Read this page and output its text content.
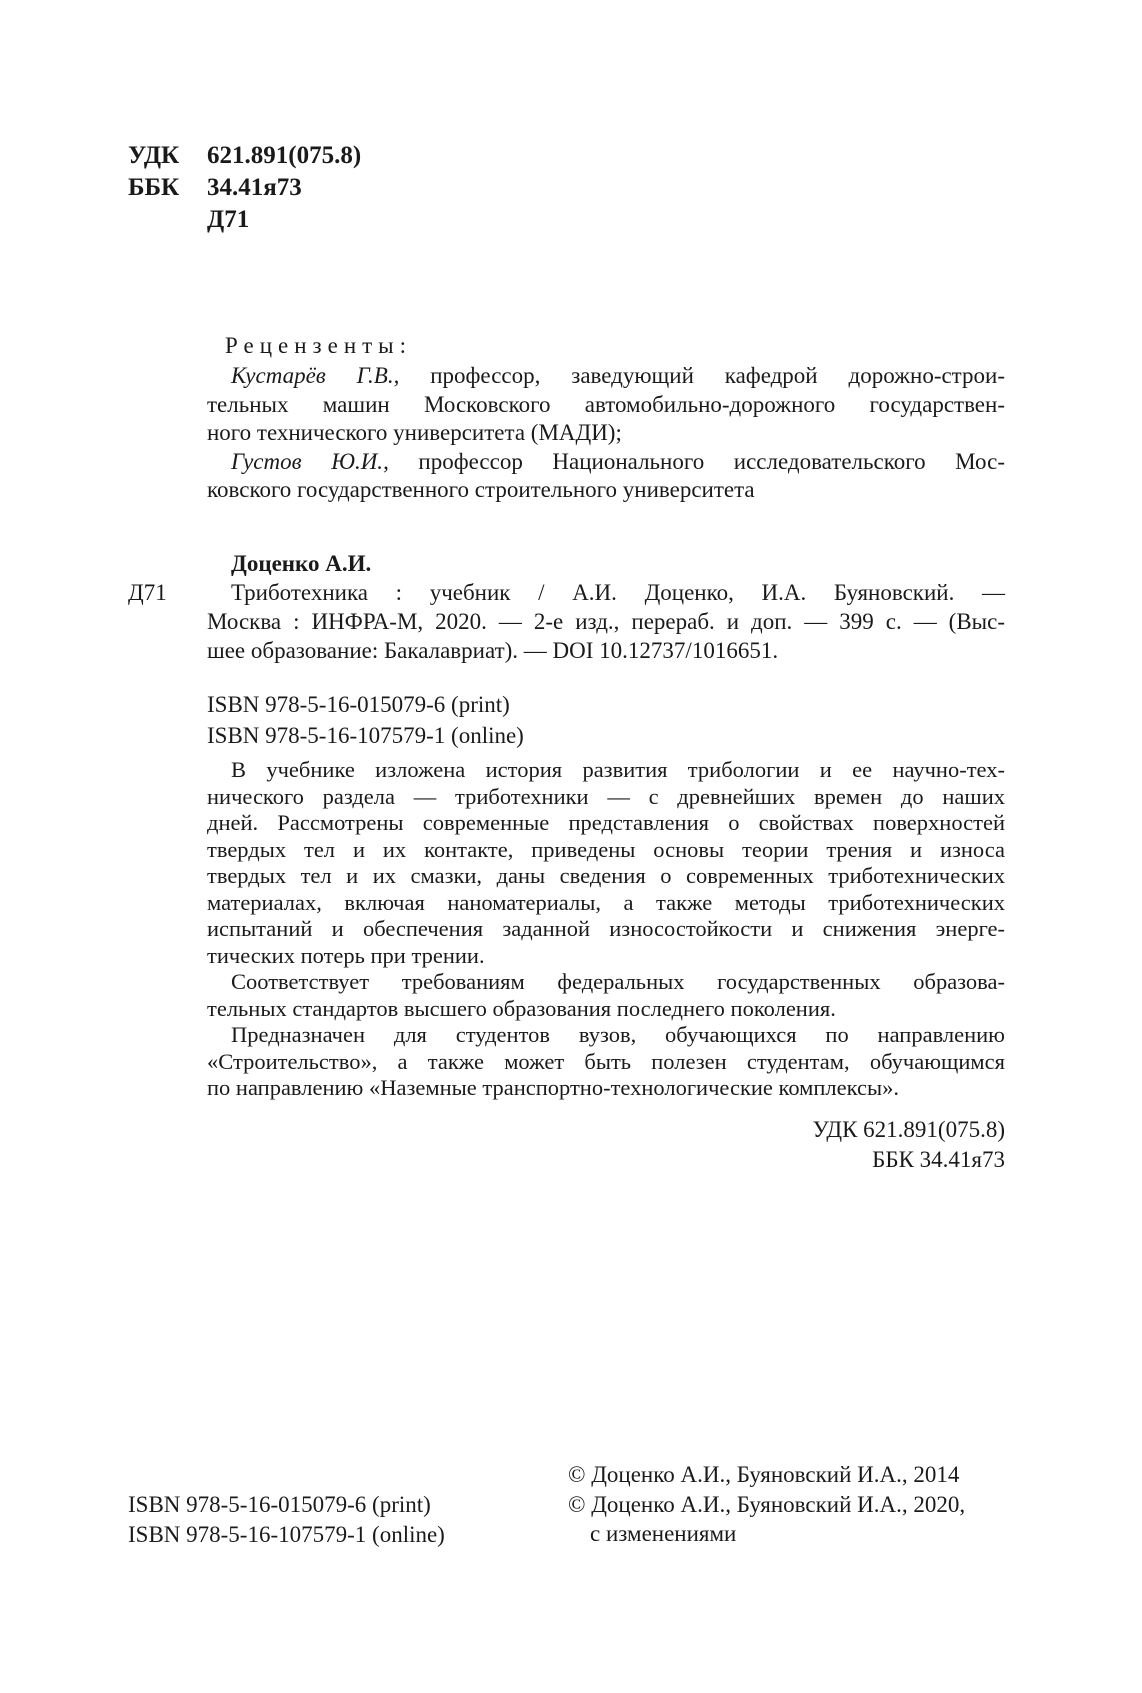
УДК	621.891(075.8)
ББК	34.41я73
Д71
Рецензенты:
Кустарёв Г.В., профессор, заведующий кафедрой дорожно-строи-
тельных машин Московского автомобильно-дорожного государствен-
ного технического университета (МАДИ);
Густов Ю.И., профессор Национального исследовательского Мос-
ковского государственного строительного университета
Д71
Доценко А.И.
Триботехника : учебник / А.И. Доценко, И.А. Буяновский. —
Москва : ИНФРА-М, 2020. — 2-е изд., перераб. и доп. — 399 с. — (Выс-
шее образование: Бакалавриат). — DOI 10.12737/1016651.
ISBN 978-5-16-015079-6 (print)
ISBN 978-5-16-107579-1 (online)
В учебнике изложена история развития трибологии и ее научно-тех-
нического раздела — триботехники — с древнейших времен до наших
дней. Рассмотрены современные представления о свойствах поверхностей
твердых тел и их контакте, приведены основы теории трения и износа
твердых тел и их смазки, даны сведения о современных триботехнических
материалах, включая наноматериалы, а также методы триботехнических
испытаний и обеспечения заданной износостойкости и снижения энерге-
тических потерь при трении.
Соответствует требованиям федеральных государственных образова-
тельных стандартов высшего образования последнего поколения.
Предназначен для студентов вузов, обучающихся по направлению
«Строительство», а также может быть полезен студентам, обучающимся
по направлению «Наземные транспортно-технологические комплексы».
УДК 621.891(075.8)
ББК 34.41я73
ISBN 978-5-16-015079-6 (print)
ISBN 978-5-16-107579-1 (online)
© Доценко А.И., Буяновский И.А., 2014
© Доценко А.И., Буяновский И.А., 2020,
с изменениями
